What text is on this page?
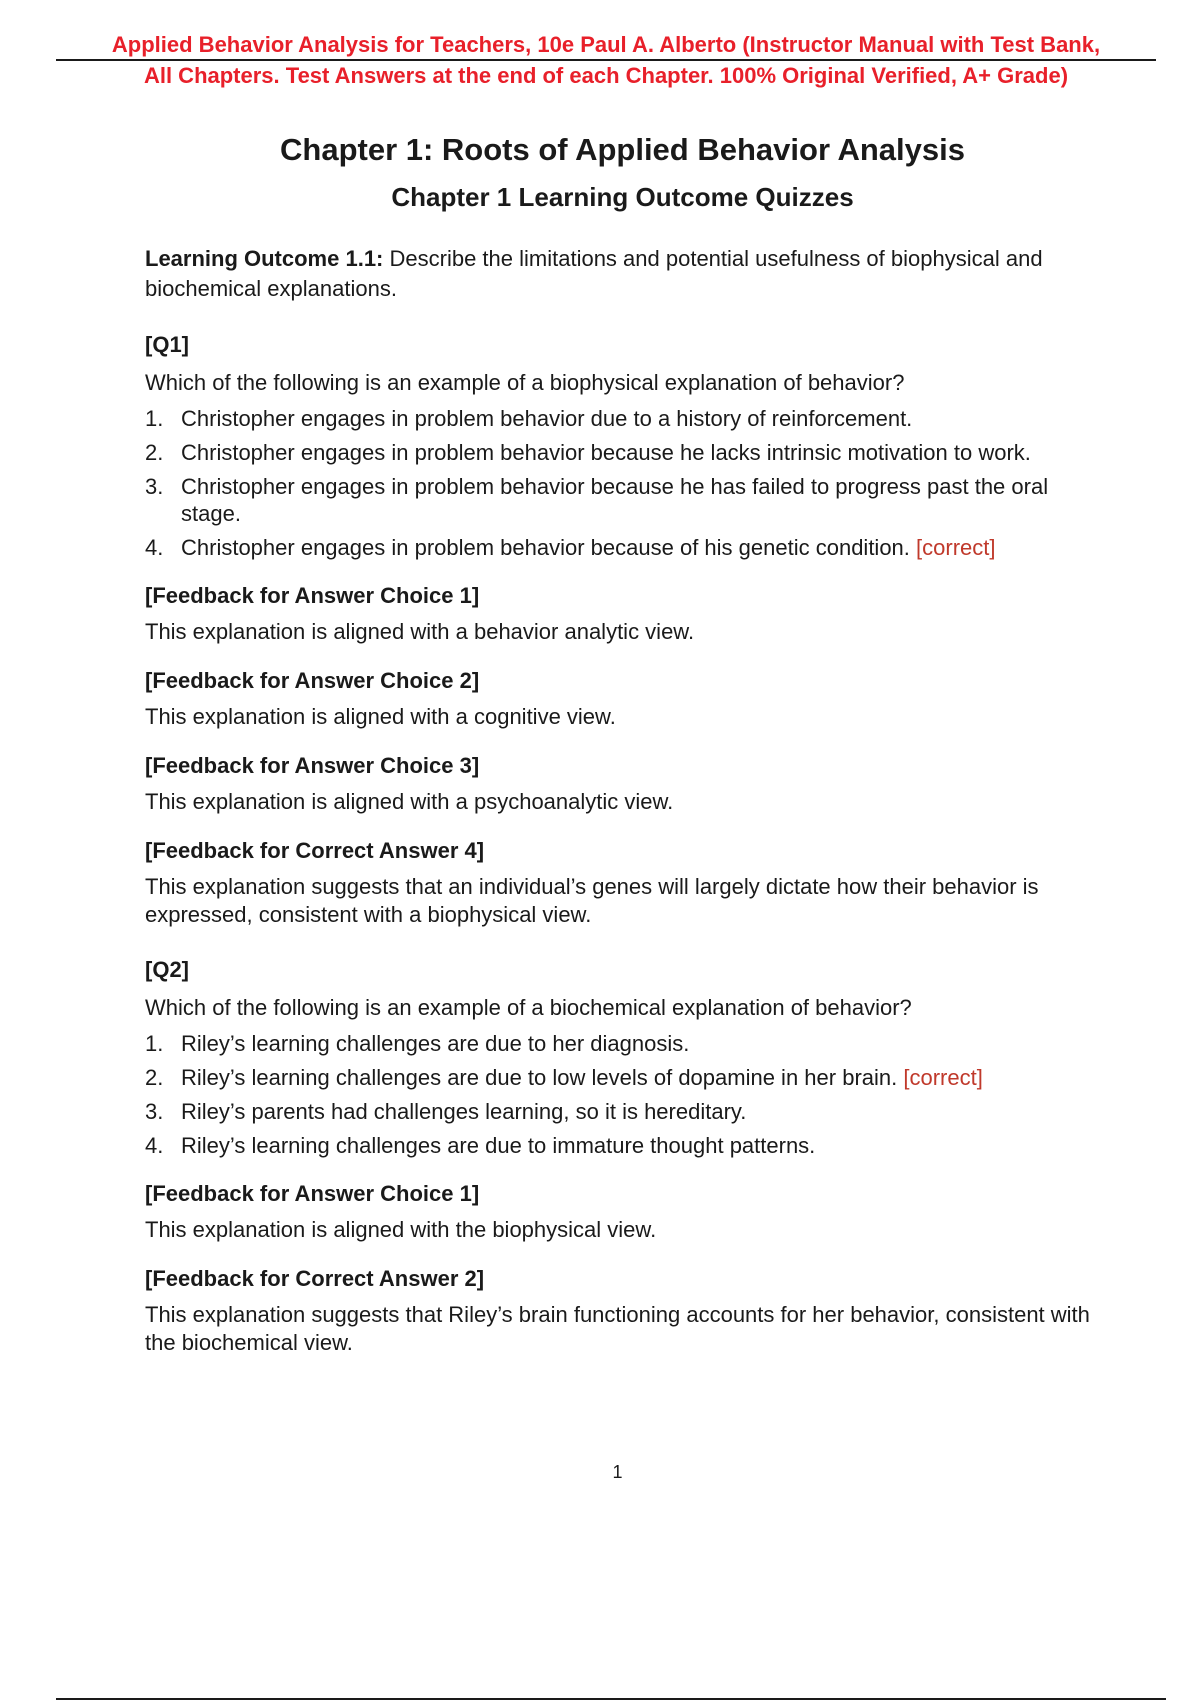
Applied Behavior Analysis for Teachers, 10e Paul A. Alberto (Instructor Manual with Test Bank,
All Chapters. Test Answers at the end of each Chapter. 100% Original Verified, A+ Grade)
Chapter 1: Roots of Applied Behavior Analysis
Chapter 1 Learning Outcome Quizzes
Learning Outcome 1.1: Describe the limitations and potential usefulness of biophysical and biochemical explanations.
[Q1]
Which of the following is an example of a biophysical explanation of behavior?
1. Christopher engages in problem behavior due to a history of reinforcement.
2. Christopher engages in problem behavior because he lacks intrinsic motivation to work.
3. Christopher engages in problem behavior because he has failed to progress past the oral stage.
4. Christopher engages in problem behavior because of his genetic condition. [correct]
[Feedback for Answer Choice 1]
This explanation is aligned with a behavior analytic view.
[Feedback for Answer Choice 2]
This explanation is aligned with a cognitive view.
[Feedback for Answer Choice 3]
This explanation is aligned with a psychoanalytic view.
[Feedback for Correct Answer 4]
This explanation suggests that an individual’s genes will largely dictate how their behavior is expressed, consistent with a biophysical view.
[Q2]
Which of the following is an example of a biochemical explanation of behavior?
1. Riley’s learning challenges are due to her diagnosis.
2. Riley’s learning challenges are due to low levels of dopamine in her brain. [correct]
3. Riley’s parents had challenges learning, so it is hereditary.
4. Riley’s learning challenges are due to immature thought patterns.
[Feedback for Answer Choice 1]
This explanation is aligned with the biophysical view.
[Feedback for Correct Answer 2]
This explanation suggests that Riley’s brain functioning accounts for her behavior, consistent with the biochemical view.
1
